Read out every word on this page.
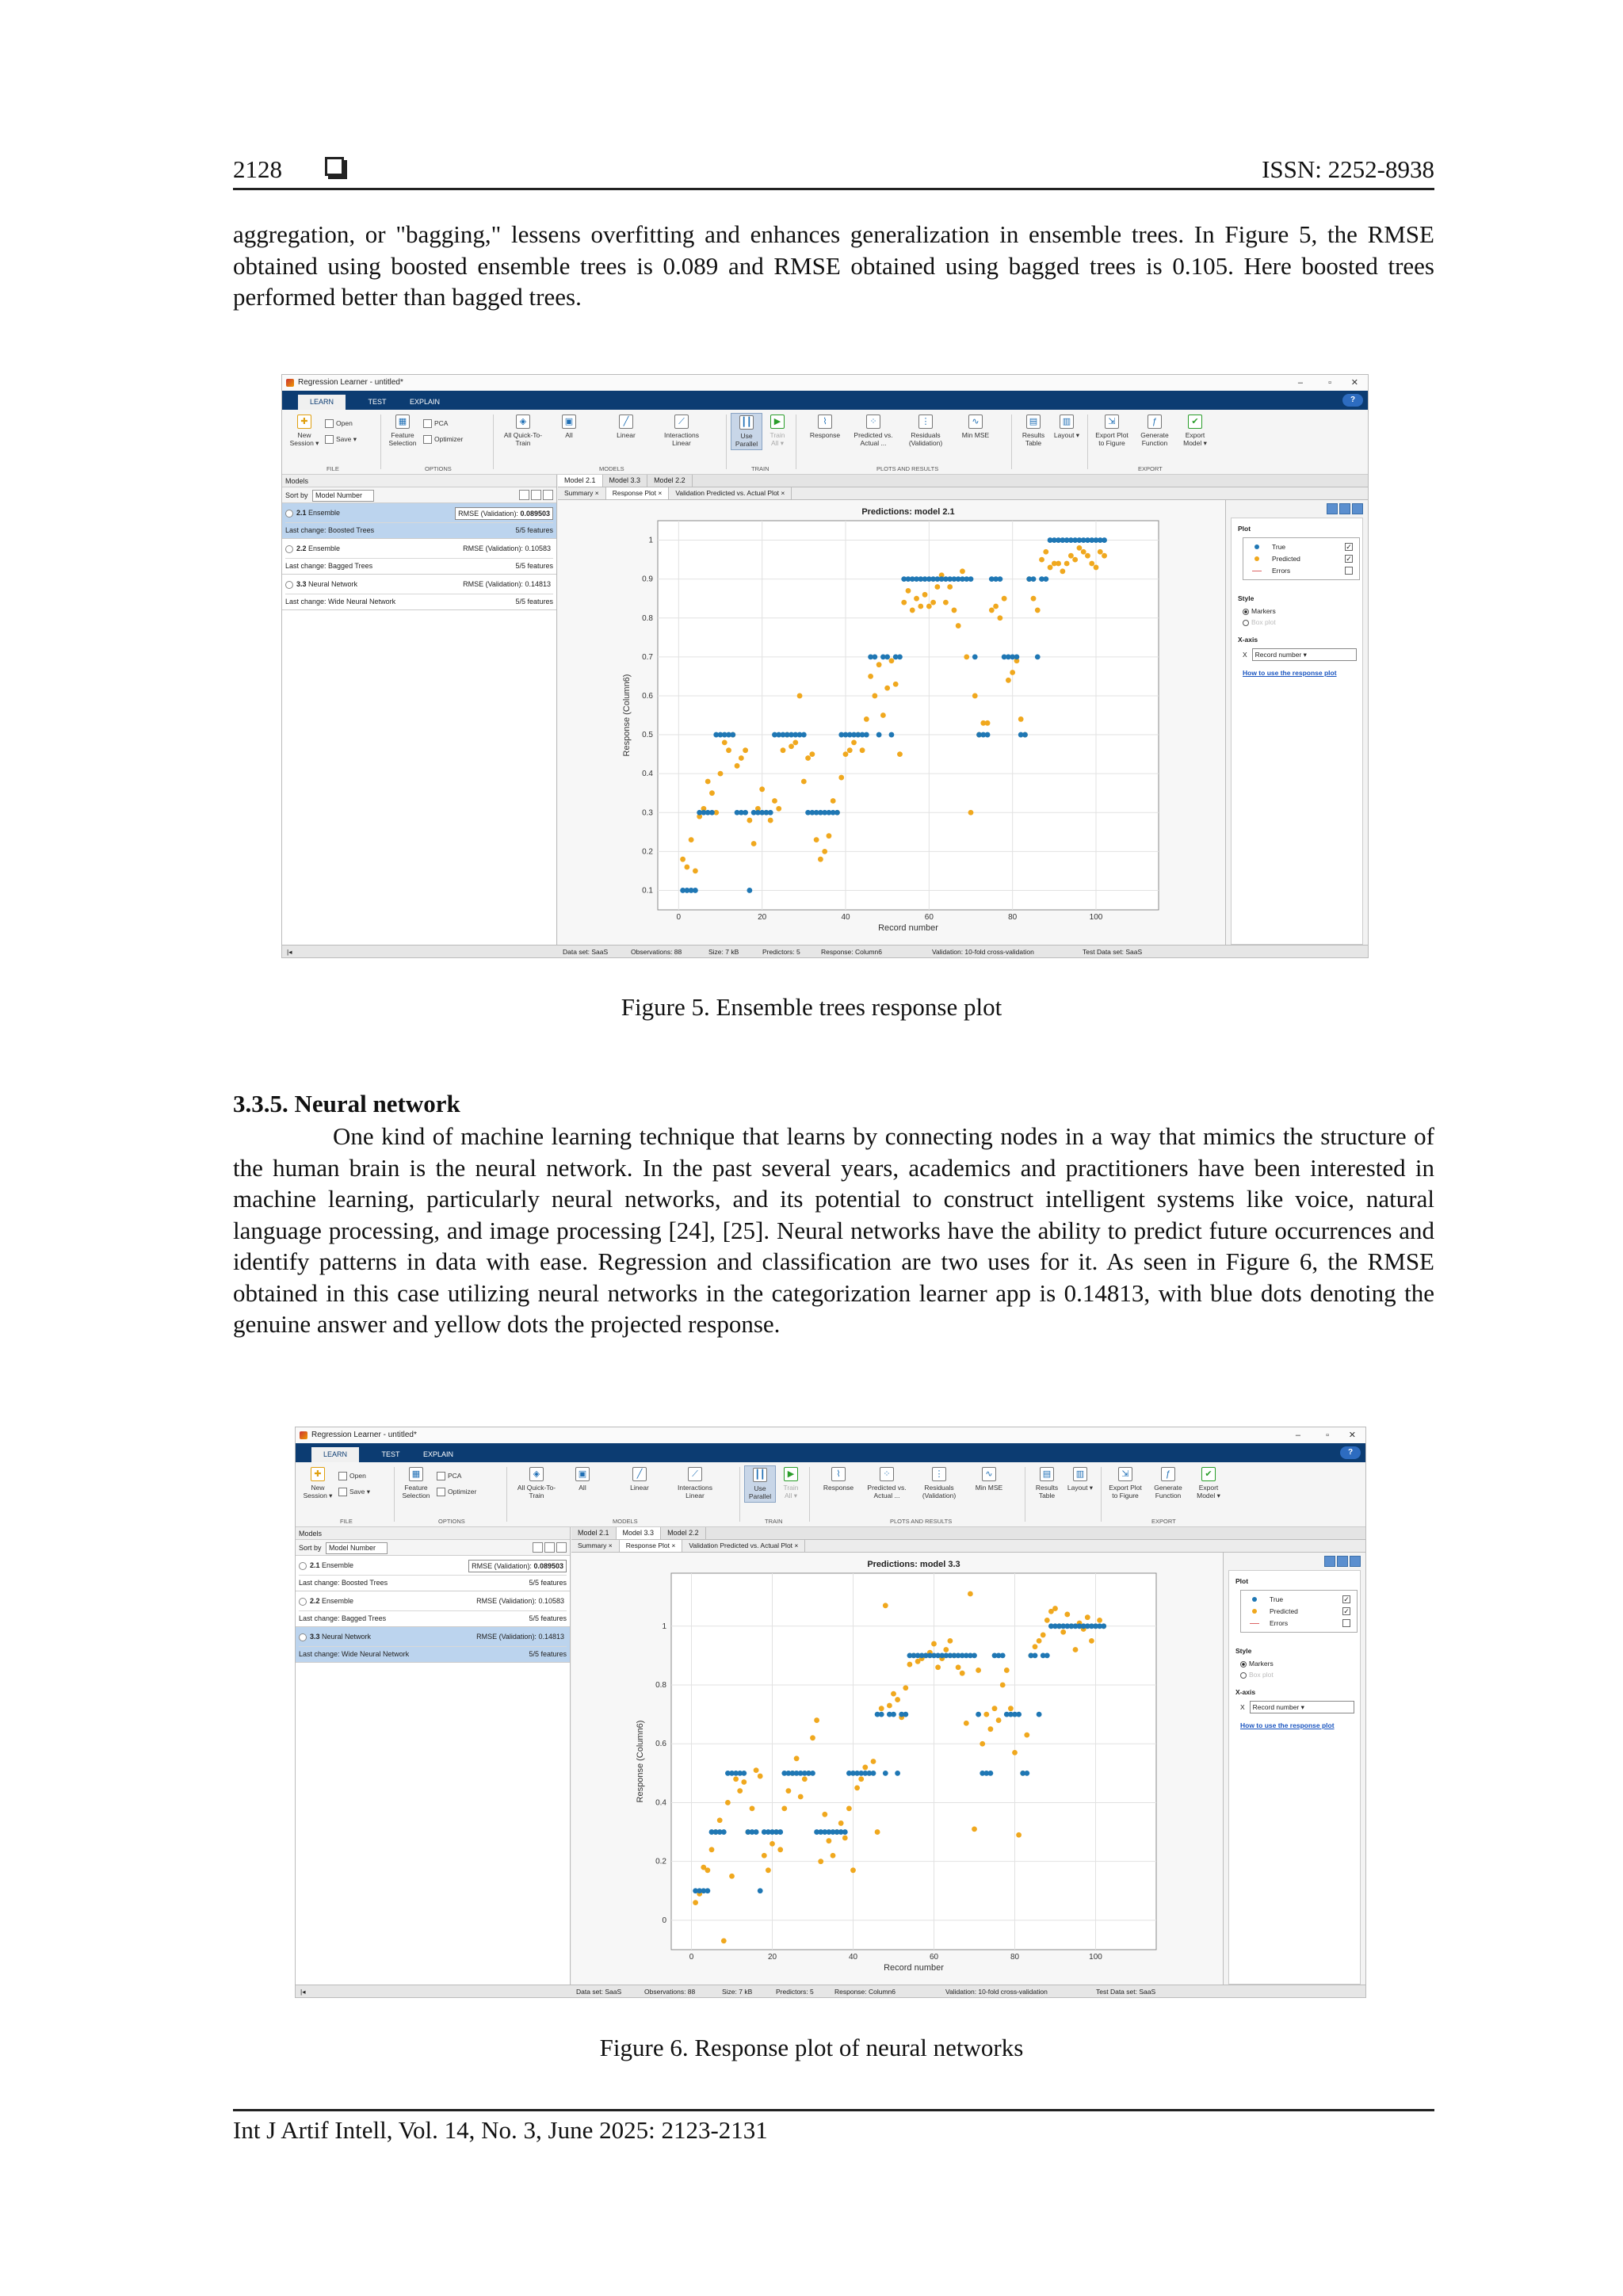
2128	ISSN: 2252-8938
aggregation, or "bagging," lessens overfitting and enhances generalization in ensemble trees. In Figure 5, the RMSE obtained using boosted ensemble trees is 0.089 and RMSE obtained using bagged trees is 0.105. Here boosted trees performed better than bagged trees.
Regression Learner - untitled*	–	▫ ✕
LEARN	TEST	EXPLAIN	?
✚
New Session ▾
Open
Save ▾
▦
Feature Selection
PCA
Optimizer
◈
All Quick-To-Train
▣
All
╱
Linear
⟋
Interactions Linear
┃┃
Use Parallel
▶
Train All ▾
⌇
Response
⁘
Predicted vs. Actual ...
⋮
Residuals (Validation)
∿
Min MSE
▤
Results Table
▥
Layout ▾
⇲
Export Plot to Figure
ƒ
Generate Function
✔
Export Model ▾
FILE	OPTIONS	MODELS	TRAIN	PLOTS AND RESULTS	EXPORT
Models
Sort by Model Number
2.1 Ensemble	RMSE (Validation): 0.089503
Last change: Boosted Trees	5/5 features
2.2 Ensemble	RMSE (Validation): 0.10583
Last change: Bagged Trees	5/5 features
3.3 Neural Network	RMSE (Validation): 0.14813
Last change: Wide Neural Network	5/5 features
Model 2.1 Model 3.3 Model 2.2
Summary × Response Plot × Validation Predicted vs. Actual Plot ×
0	20	40	60	80	100
0.1
0.2
0.3
0.4
0.5
0.6
0.7
0.8
0.9
1
Predictions: model 2.1
Record number
Response (Column6)
Plot
True	✓
Predicted	✓
Errors
Style
Markers
Box plot
X-axis
X Record number ▾
How to use the response plot
|◂	Data set: SaaS	Observations: 88	Size: 7 kB	Predictors: 5	Response: Column6	Validation: 10-fold cross-validation	Test Data set: SaaS
Figure 5. Ensemble trees response plot
3.3.5. Neural network
One kind of machine learning technique that learns by connecting nodes in a way that mimics the structure of the human brain is the neural network. In the past several years, academics and practitioners have been interested in machine learning, particularly neural networks, and its potential to construct intelligent systems like voice, natural language processing, and image processing [24], [25]. Neural networks have the ability to predict future occurrences and identify patterns in data with ease. Regression and classification are two uses for it. As seen in Figure 6, the RMSE obtained in this case utilizing neural networks in the categorization learner app is 0.14813, with blue dots denoting the genuine answer and yellow dots the projected response.
Regression Learner - untitled*	–	▫ ✕
LEARN	TEST	EXPLAIN	?
✚
New Session ▾
Open
Save ▾
▦
Feature Selection
PCA
Optimizer
◈
All Quick-To-Train
▣
All
╱
Linear
⟋
Interactions Linear
┃┃
Use Parallel
▶
Train All ▾
⌇
Response
⁘
Predicted vs. Actual ...
⋮
Residuals (Validation)
∿
Min MSE
▤
Results Table
▥
Layout ▾
⇲
Export Plot to Figure
ƒ
Generate Function
✔
Export Model ▾
FILE	OPTIONS	MODELS	TRAIN	PLOTS AND RESULTS	EXPORT
Models
Sort by Model Number
2.1 Ensemble	RMSE (Validation): 0.089503
Last change: Boosted Trees	5/5 features
2.2 Ensemble	RMSE (Validation): 0.10583
Last change: Bagged Trees	5/5 features
3.3 Neural Network	RMSE (Validation): 0.14813
Last change: Wide Neural Network	5/5 features
Model 2.1 Model 3.3 Model 2.2
Summary × Response Plot × Validation Predicted vs. Actual Plot ×
0	20	40	60	80	100
0
0.2
0.4
0.6
0.8
1
Predictions: model 3.3
Record number
Response (Column6)
Plot
True	✓
Predicted	✓
Errors
Style
Markers
Box plot
X-axis
X Record number ▾
How to use the response plot
|◂	Data set: SaaS	Observations: 88	Size: 7 kB	Predictors: 5	Response: Column6	Validation: 10-fold cross-validation	Test Data set: SaaS
Figure 6. Response plot of neural networks
Int J Artif Intell, Vol. 14, No. 3, June 2025: 2123-2131
